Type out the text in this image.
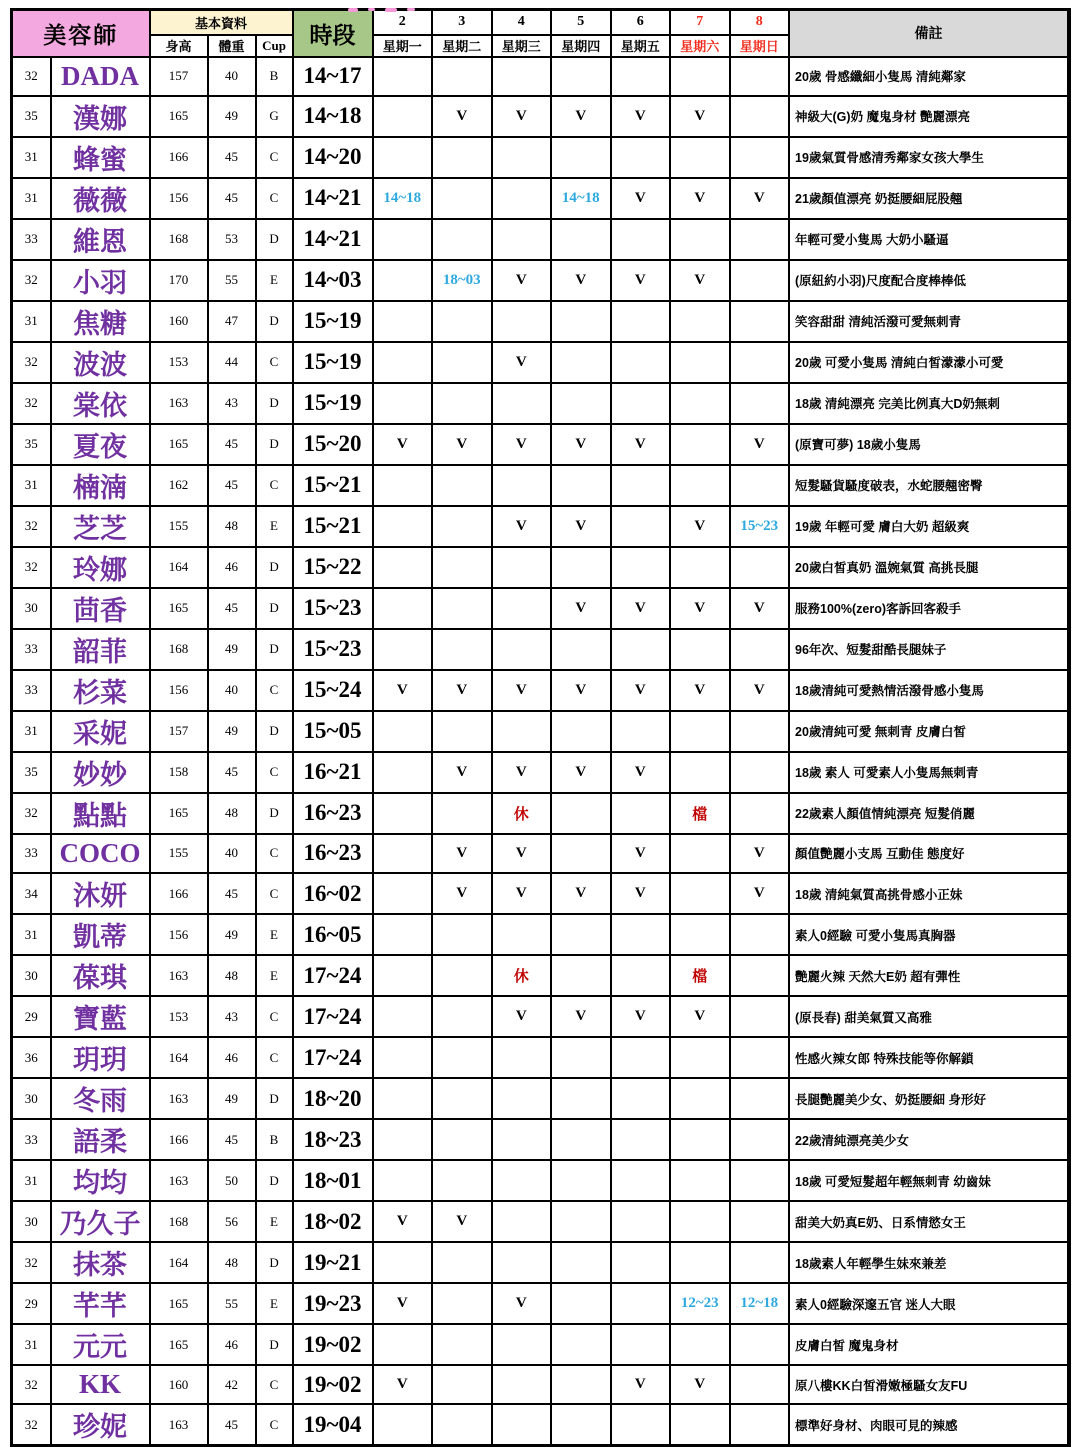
美容師		基本資料			時段	2	3	4	5	6	7	8	備註
		身高	體重	Cup		星期一	星期二	星期三	星期四	星期五	星期六	星期日	
32	DADA	157	40	B	14~17								20歲 骨感纖細小隻馬 清純鄰家
35	漢娜	165	49	G	14~18		V	V	V	V	V		神級大(G)奶 魔鬼身材 艷麗漂亮
31	蜂蜜	166	45	C	14~20								19歲氣質骨感清秀鄰家女孩大學生
31	薇薇	156	45	C	14~21	14~18			14~18	V	V	V	21歲顏值漂亮 奶挺腰細屁股翹
33	維恩	168	53	D	14~21								年輕可愛小隻馬 大奶小騷逼
32	小羽	170	55	E	14~03		18~03	V	V	V	V		(原紐約小羽)尺度配合度棒棒低
31	焦糖	160	47	D	15~19								笑容甜甜 清純活潑可愛無刺青
32	波波	153	44	C	15~19			V					20歲 可愛小隻馬 清純白皙濛濛小可愛
32	棠依	163	43	D	15~19								18歲 清純漂亮 完美比例真大D奶無刺
35	夏夜	165	45	D	15~20	V	V	V	V	V		V	(原寶可夢) 18歲小隻馬
31	楠湳	162	45	C	15~21								短髮騷貨騷度破表，水蛇腰翹密臀
32	芝芝	155	48	E	15~21			V	V		V	15~23	19歲 年輕可愛 膚白大奶 超級爽
32	玲娜	164	46	D	15~22								20歲白皙真奶 溫婉氣質 高挑長腿
30	茴香	165	45	D	15~23				V	V	V	V	服務100%(zero)客訴回客殺手
33	韶菲	168	49	D	15~23								96年次、短髮甜酷長腿妹子
33	杉菜	156	40	C	15~24	V	V	V	V	V	V	V	18歲清純可愛熱情活潑骨感小隻馬
31	采妮	157	49	D	15~05								20歲清純可愛 無刺青 皮膚白皙
35	妙妙	158	45	C	16~21		V	V	V	V			18歲 素人 可愛素人小隻馬無刺青
32	點點	165	48	D	16~23			休			檔		22歲素人顏值情純漂亮 短髮俏麗
33	COCO	155	40	C	16~23		V	V		V		V	顏值艷麗小支馬 互動佳 態度好
34	沐妍	166	45	C	16~02		V	V	V	V		V	18歲 清純氣質高挑骨感小正妹
31	凱蒂	156	49	E	16~05								素人0經驗 可愛小隻馬真胸器
30	葆琪	163	48	E	17~24			休			檔		艷麗火辣 天然大E奶 超有彈性
29	寶藍	153	43	C	17~24			V	V	V	V		(原長春) 甜美氣質又高雅
36	玥玥	164	46	C	17~24								性感火辣女郎 特殊技能等你解鎖
30	冬雨	163	49	D	18~20								長腿艷麗美少女、奶挺腰細 身形好
33	語柔	166	45	B	18~23								22歲清純漂亮美少女
31	均均	163	50	D	18~01								18歲 可愛短髮超年輕無刺青 幼齒妹
30	乃久子	168	56	E	18~02	V	V						甜美大奶真E奶、日系情慾女王
32	抹茶	164	48	D	19~21								18歲素人年輕學生妹來兼差
29	芊芊	165	55	E	19~23	V		V			12~23	12~18	素人0經驗深邃五官 迷人大眼
31	元元	165	46	D	19~02								皮膚白皙 魔鬼身材
32	KK	160	42	C	19~02	V				V	V		原八樓KK白皙滑嫩極騷女友FU
32	珍妮	163	45	C	19~04								標準好身材、肉眼可見的辣感
